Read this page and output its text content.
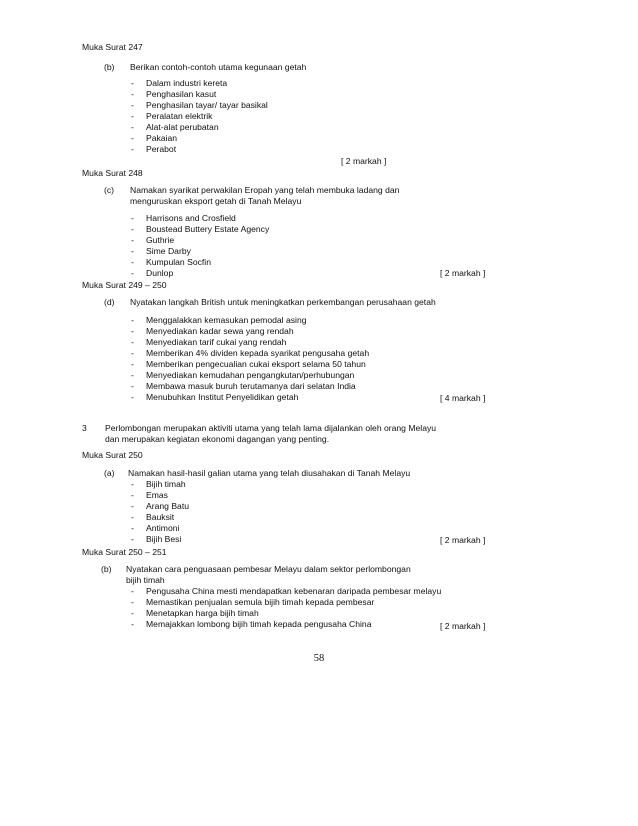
Muka Surat 247
(b) Berikan contoh-contoh utama kegunaan getah
- Dalam industri kereta
- Penghasilan kasut
- Penghasilan tayar/ tayar basikal
- Peralatan elektrik
- Alat-alat perubatan
- Pakaian
- Perabot
[ 2 markah ]
Muka Surat 248
(c) Namakan syarikat perwakilan Eropah yang telah membuka ladang dan
menguruskan eksport getah di Tanah Melayu
- Harrisons and Crosfield
- Boustead Buttery Estate Agency
- Guthrie
- Sime Darby
- Kumpulan Socfin
- Dunlop	[ 2 markah ]
Muka Surat 249 – 250
(d) Nyatakan langkah British untuk meningkatkan perkembangan perusahaan getah
- Menggalakkan kemasukan pemodal asing
- Menyediakan kadar sewa yang rendah
- Menyediakan tarif cukai yang rendah
- Memberikan 4% dividen kepada syarikat pengusaha getah
- Memberikan pengecualian cukai eksport selama 50 tahun
- Menyediakan kemudahan pengangkutan/perhubungan
- Membawa masuk buruh terutamanya dari selatan India
- Menubuhkan Institut Penyelidikan getah	[ 4 markah ]
3 Perlombongan merupakan aktiviti utama yang telah lama dijalankan oleh orang Melayu
dan merupakan kegiatan ekonomi dagangan yang penting.
Muka Surat 250
(a) Namakan hasil-hasil galian utama yang telah diusahakan di Tanah Melayu
- Bijih timah
- Emas
- Arang Batu
- Bauksit
- Antimoni
- Bijih Besi	[ 2 markah ]
Muka Surat 250 – 251
(b) Nyatakan cara penguasaan pembesar Melayu dalam sektor perlombongan
bijih timah
- Pengusaha China mesti mendapatkan kebenaran daripada pembesar melayu
- Memastikan penjualan semula bijih timah kepada pembesar
- Menetapkan harga bijih timah
- Memajakkan lombong bijih timah kepada pengusaha China	[ 2 markah ]
58
